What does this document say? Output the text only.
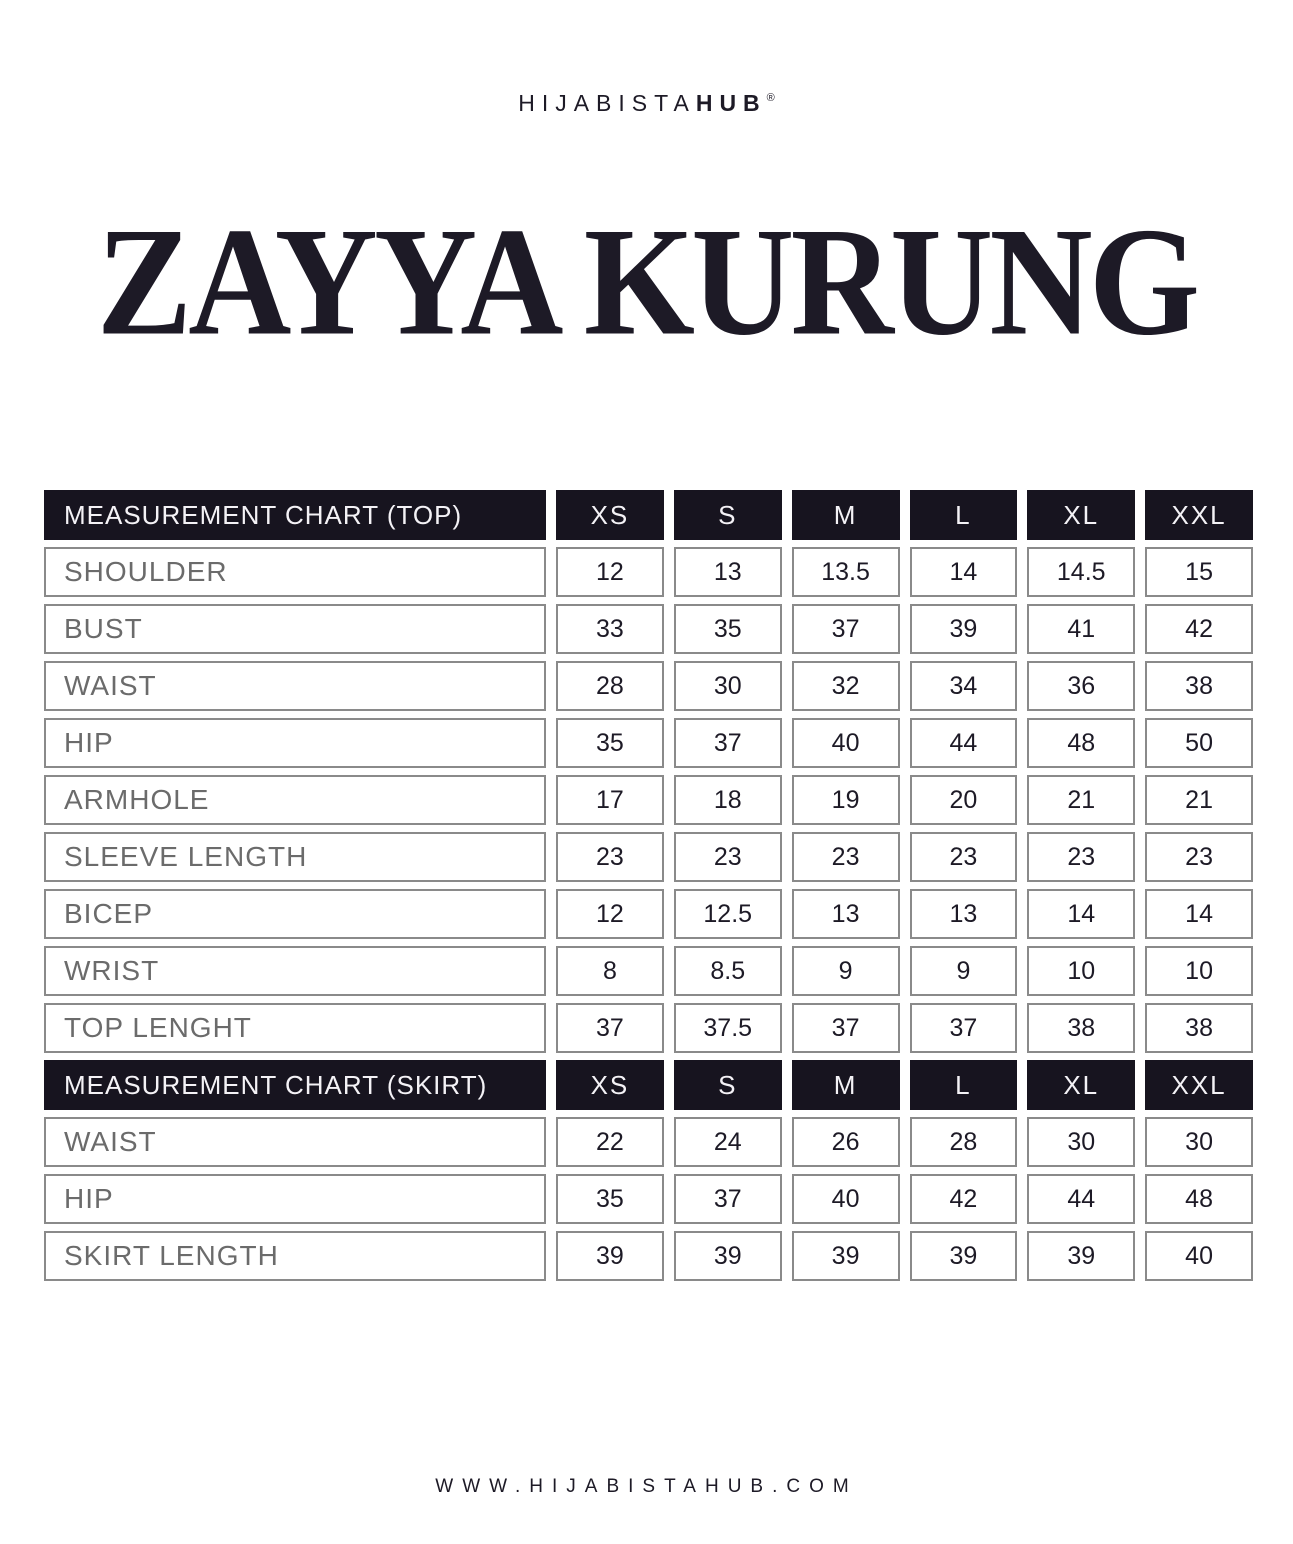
HIJABISTAHUB®
ZAYYA KURUNG
MEASUREMENT CHART (TOP)	XS	S	M	L	XL	XXL
SHOULDER	12	13	13.5	14	14.5	15
BUST	33	35	37	39	41	42
WAIST	28	30	32	34	36	38
HIP	35	37	40	44	48	50
ARMHOLE	17	18	19	20	21	21
SLEEVE LENGTH	23	23	23	23	23	23
BICEP	12	12.5	13	13	14	14
WRIST	8	8.5	9	9	10	10
TOP LENGHT	37	37.5	37	37	38	38
MEASUREMENT CHART (SKIRT)	XS	S	M	L	XL	XXL
WAIST	22	24	26	28	30	30
HIP	35	37	40	42	44	48
SKIRT LENGTH	39	39	39	39	39	40
WWW.HIJABISTAHUB.COM
